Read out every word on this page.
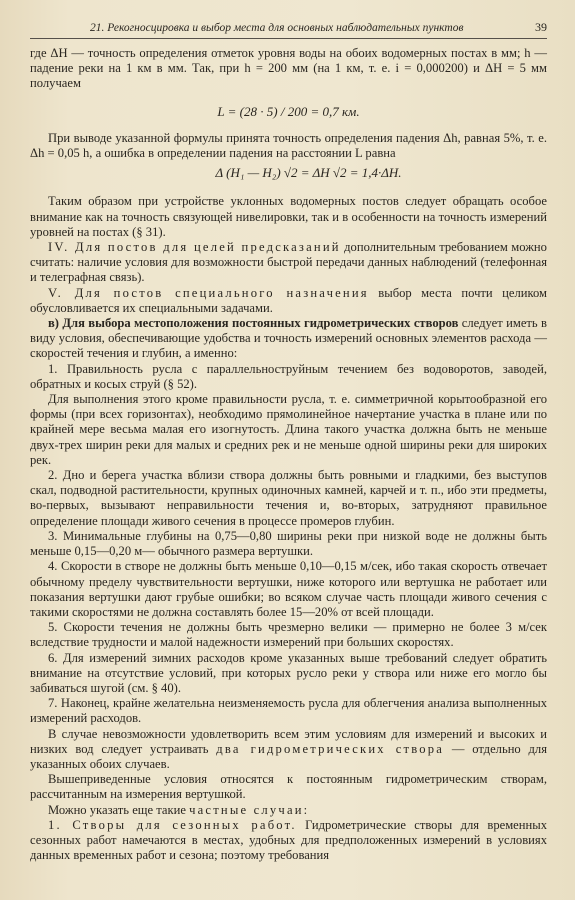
21. Рекогносцировка и выбор места для основных наблюдательных пунктов	39

где ΔH — точность определения отметок уровня воды на обоих водомерных постах в мм; h — падение реки на 1 км в мм. Так, при h = 200 мм (на 1 км, т. е. i = 0,000200) и ΔH = 5 мм получаем

L = (28 · 5) / 200 = 0,7 км.

При выводе указанной формулы принята точность определения падения Δh, равная 5%, т. е. Δh = 0,05 h, а ошибка в определении падения на расстоянии L равна

Δ (H₁ — H₂) √2 = ΔH √2 = 1,4·ΔH.

Таким образом при устройстве уклонных водомерных постов следует обращать особое внимание как на точность связующей нивелировки, так и в особенности на точность измерений уровней на постах (§ 31).

IV. Для постов для целей предсказаний дополнительным требованием можно считать: наличие условия для возможности быстрой передачи данных наблюдений (телефонная и телеграфная связь).

V. Для постов специального назначения выбор места почти целиком обусловливается их специальными задачами.

в) Для выбора местоположения постоянных гидрометрических створов следует иметь в виду условия, обеспечивающие удобства и точность измерений основных элементов расхода — скоростей течения и глубин, а именно:

1. Правильность русла с параллельноструйным течением без водоворотов, заводей, обратных и косых струй (§ 52).

Для выполнения этого кроме правильности русла, т. е. симметричной корытообразной его формы (при всех горизонтах), необходимо прямолинейное начертание участка в плане или по крайней мере весьма малая его изогнутость. Длина такого участка должна быть не меньше двух-трех ширин реки для малых и средних рек и не меньше одной ширины реки для широких рек.

2. Дно и берега участка вблизи створа должны быть ровными и гладкими, без выступов скал, подводной растительности, крупных одиночных камней, карчей и т. п., ибо эти предметы, во-первых, вызывают неправильности течения и, во-вторых, затрудняют правильное определение площади живого сечения в процессе промеров глубин.

3. Минимальные глубины на 0,75—0,80 ширины реки при низкой воде не должны быть меньше 0,15—0,20 м— обычного размера вертушки.

4. Скорости в створе не должны быть меньше 0,10—0,15 м/сек, ибо такая скорость отвечает обычному пределу чувствительности вертушки, ниже которого или вертушка не работает или показания вертушки дают грубые ошибки; во всяком случае часть площади живого сечения с такими скоростями не должна составлять более 15—20% от всей площади.

5. Скорости течения не должны быть чрезмерно велики — примерно не более 3 м/сек вследствие трудности и малой надежности измерений при больших скоростях.

6. Для измерений зимних расходов кроме указанных выше требований следует обратить внимание на отсутствие условий, при которых русло реки у створа или ниже его могло бы забиваться шугой (см. § 40).

7. Наконец, крайне желательна неизменяемость русла для облегчения анализа выполненных измерений расходов.

В случае невозможности удовлетворить всем этим условиям для измерений и высоких и низких вод следует устраивать два гидрометрических створа — отдельно для указанных обоих случаев.

Вышеприведенные условия относятся к постоянным гидрометрическим створам, рассчитанным на измерения вертушкой.

Можно указать еще такие частные случаи:

1. Створы для сезонных работ. Гидрометрические створы для временных сезонных работ намечаются в местах, удобных для предположенных измерений в условиях данных временных работ и сезона; поэтому требования
